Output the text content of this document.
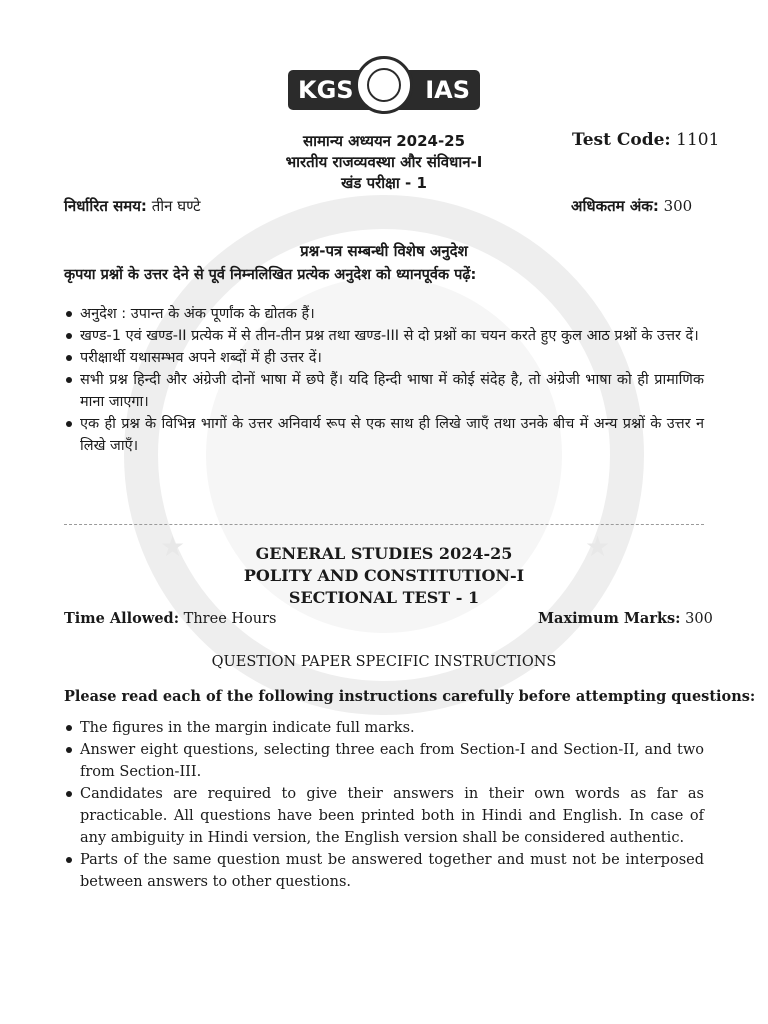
★	★
KGS	IAS
सामान्य अध्ययन 2024-25
भारतीय राजव्यवस्था और संविधान-I
खंड परीक्षा - 1
Test Code: 1101
निर्धारित समय: तीन घण्टे	अधिकतम अंक: 300
प्रश्न-पत्र सम्बन्धी विशेष अनुदेश
कृपया प्रश्नों के उत्तर देने से पूर्व निम्नलिखित प्रत्येक अनुदेश को ध्यानपूर्वक पढ़ें:
अनुदेश : उपान्त के अंक पूर्णांक के द्योतक हैं।
खण्ड-1 एवं खण्ड-II प्रत्येक में से तीन-तीन प्रश्न तथा खण्ड-III से दो प्रश्नों का चयन करते हुए कुल आठ प्रश्नों के उत्तर दें।
परीक्षार्थी यथासम्भव अपने शब्दों में ही उत्तर दें।
सभी प्रश्न हिन्दी और अंग्रेजी दोनों भाषा में छपे हैं। यदि हिन्दी भाषा में कोई संदेह है, तो अंग्रेजी भाषा को ही प्रामाणिक माना जाएगा।
एक ही प्रश्न के विभिन्न भागों के उत्तर अनिवार्य रूप से एक साथ ही लिखे जाएँ तथा उनके बीच में अन्य प्रश्नों के उत्तर न लिखे जाएँ।
GENERAL STUDIES 2024-25
POLITY AND CONSTITUTION-I
SECTIONAL TEST - 1
Time Allowed: Three Hours	Maximum Marks: 300
QUESTION PAPER SPECIFIC INSTRUCTIONS
Please read each of the following instructions carefully before attempting questions:
The figures in the margin indicate full marks.
Answer eight questions, selecting three each from Section-I and Section-II, and two from Section-III.
Candidates are required to give their answers in their own words as far as practicable. All questions have been printed both in Hindi and English. In case of any ambiguity in Hindi version, the English version shall be considered authentic.
Parts of the same question must be answered together and must not be interposed between answers to other questions.
